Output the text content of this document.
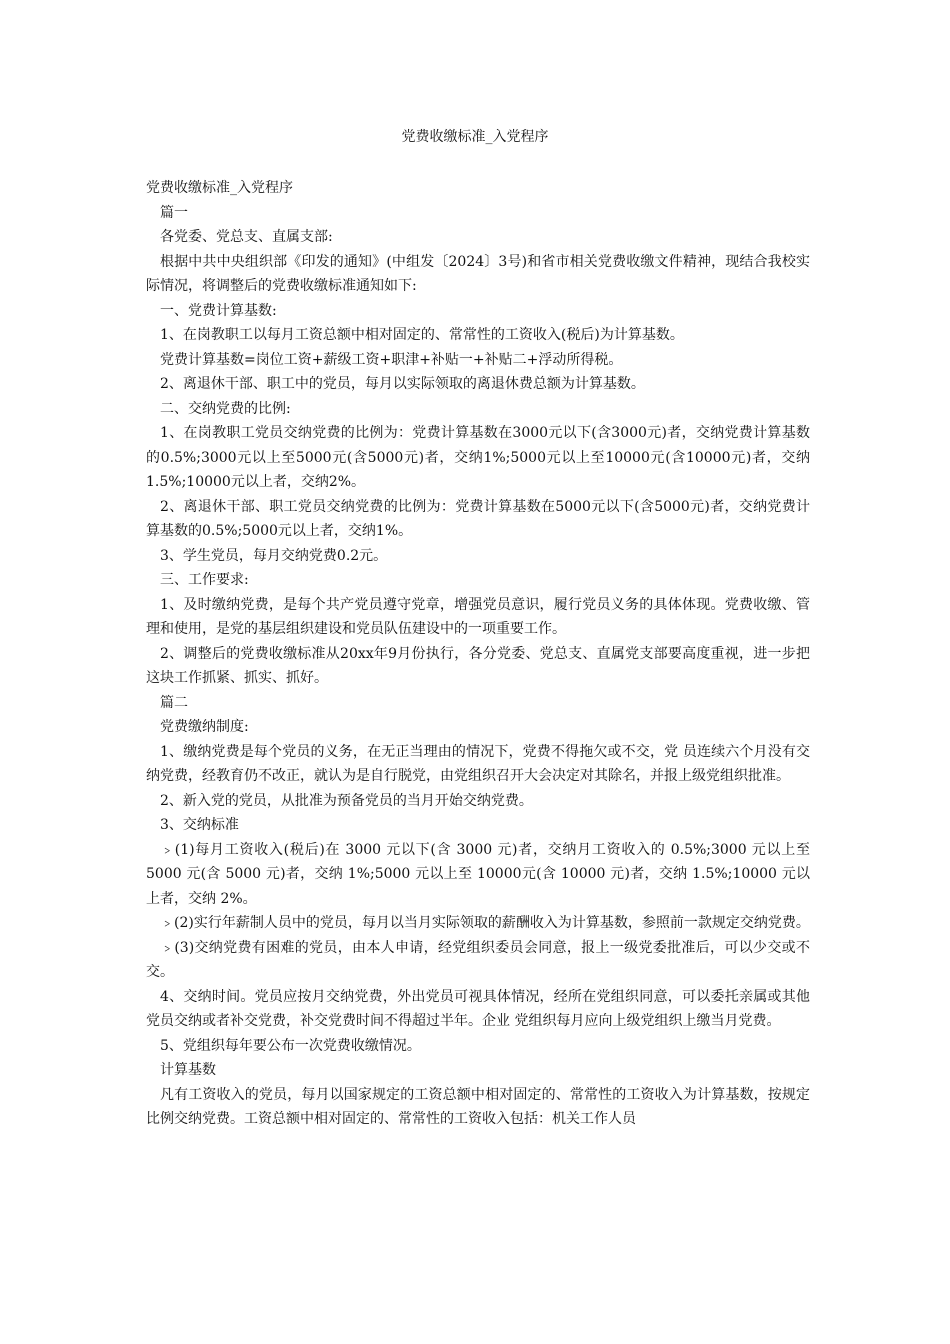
党费收缴标准_入党程序

党费收缴标准_入党程序

篇一

各党委、党总支、直属支部:

根据中共中央组织部《印发的通知》(中组发〔2024〕3号)和省市相关党费收缴文件精神，现结合我校实际情况，将调整后的党费收缴标准通知如下:

一、党费计算基数:

1、在岗教职工以每月工资总额中相对固定的、常常性的工资收入(税后)为计算基数。

党费计算基数=岗位工资+薪级工资+职津+补贴一+补贴二+浮动所得税。

2、离退休干部、职工中的党员，每月以实际领取的离退休费总额为计算基数。

二、交纳党费的比例:

1、在岗教职工党员交纳党费的比例为：党费计算基数在3000元以下(含3000元)者，交纳党费计算基数的0.5%;3000元以上至5000元(含5000元)者，交纳1%;5000元以上至10000元(含10000元)者，交纳1.5%;10000元以上者，交纳2%。

2、离退休干部、职工党员交纳党费的比例为：党费计算基数在5000元以下(含5000元)者，交纳党费计算基数的0.5%;5000元以上者，交纳1%。

3、学生党员，每月交纳党费0.2元。

三、工作要求:

1、及时缴纳党费，是每个共产党员遵守党章，增强党员意识，履行党员义务的具体体现。党费收缴、管理和使用，是党的基层组织建设和党员队伍建设中的一项重要工作。

2、调整后的党费收缴标准从20xx年9月份执行，各分党委、党总支、直属党支部要高度重视，进一步把这块工作抓紧、抓实、抓好。

篇二

党费缴纳制度:

1、缴纳党费是每个党员的义务，在无正当理由的情况下，党费不得拖欠或不交，党 员连续六个月没有交纳党费，经教育仍不改正，就认为是自行脱党，由党组织召开大会决定对其除名，并报上级党组织批准。

2、新入党的党员，从批准为预备党员的当月开始交纳党费。

3、交纳标准

﹥(1)每月工资收入(税后)在 3000 元以下(含 3000 元)者，交纳月工资收入的 0.5%;3000 元以上至 5000 元(含 5000 元)者，交纳 1%;5000 元以上至 10000元(含 10000 元)者，交纳 1.5%;10000 元以上者，交纳 2%。

﹥(2)实行年薪制人员中的党员，每月以当月实际领取的薪酬收入为计算基数，参照前一款规定交纳党费。

﹥(3)交纳党费有困难的党员，由本人申请，经党组织委员会同意，报上一级党委批准后，可以少交或不交。

4、交纳时间。党员应按月交纳党费，外出党员可视具体情况，经所在党组织同意，可以委托亲属或其他党员交纳或者补交党费，补交党费时间不得超过半年。企业 党组织每月应向上级党组织上缴当月党费。

5、党组织每年要公布一次党费收缴情况。

计算基数

凡有工资收入的党员，每月以国家规定的工资总额中相对固定的、常常性的工资收入为计算基数，按规定比例交纳党费。工资总额中相对固定的、常常性的工资收入包括：机关工作人员
